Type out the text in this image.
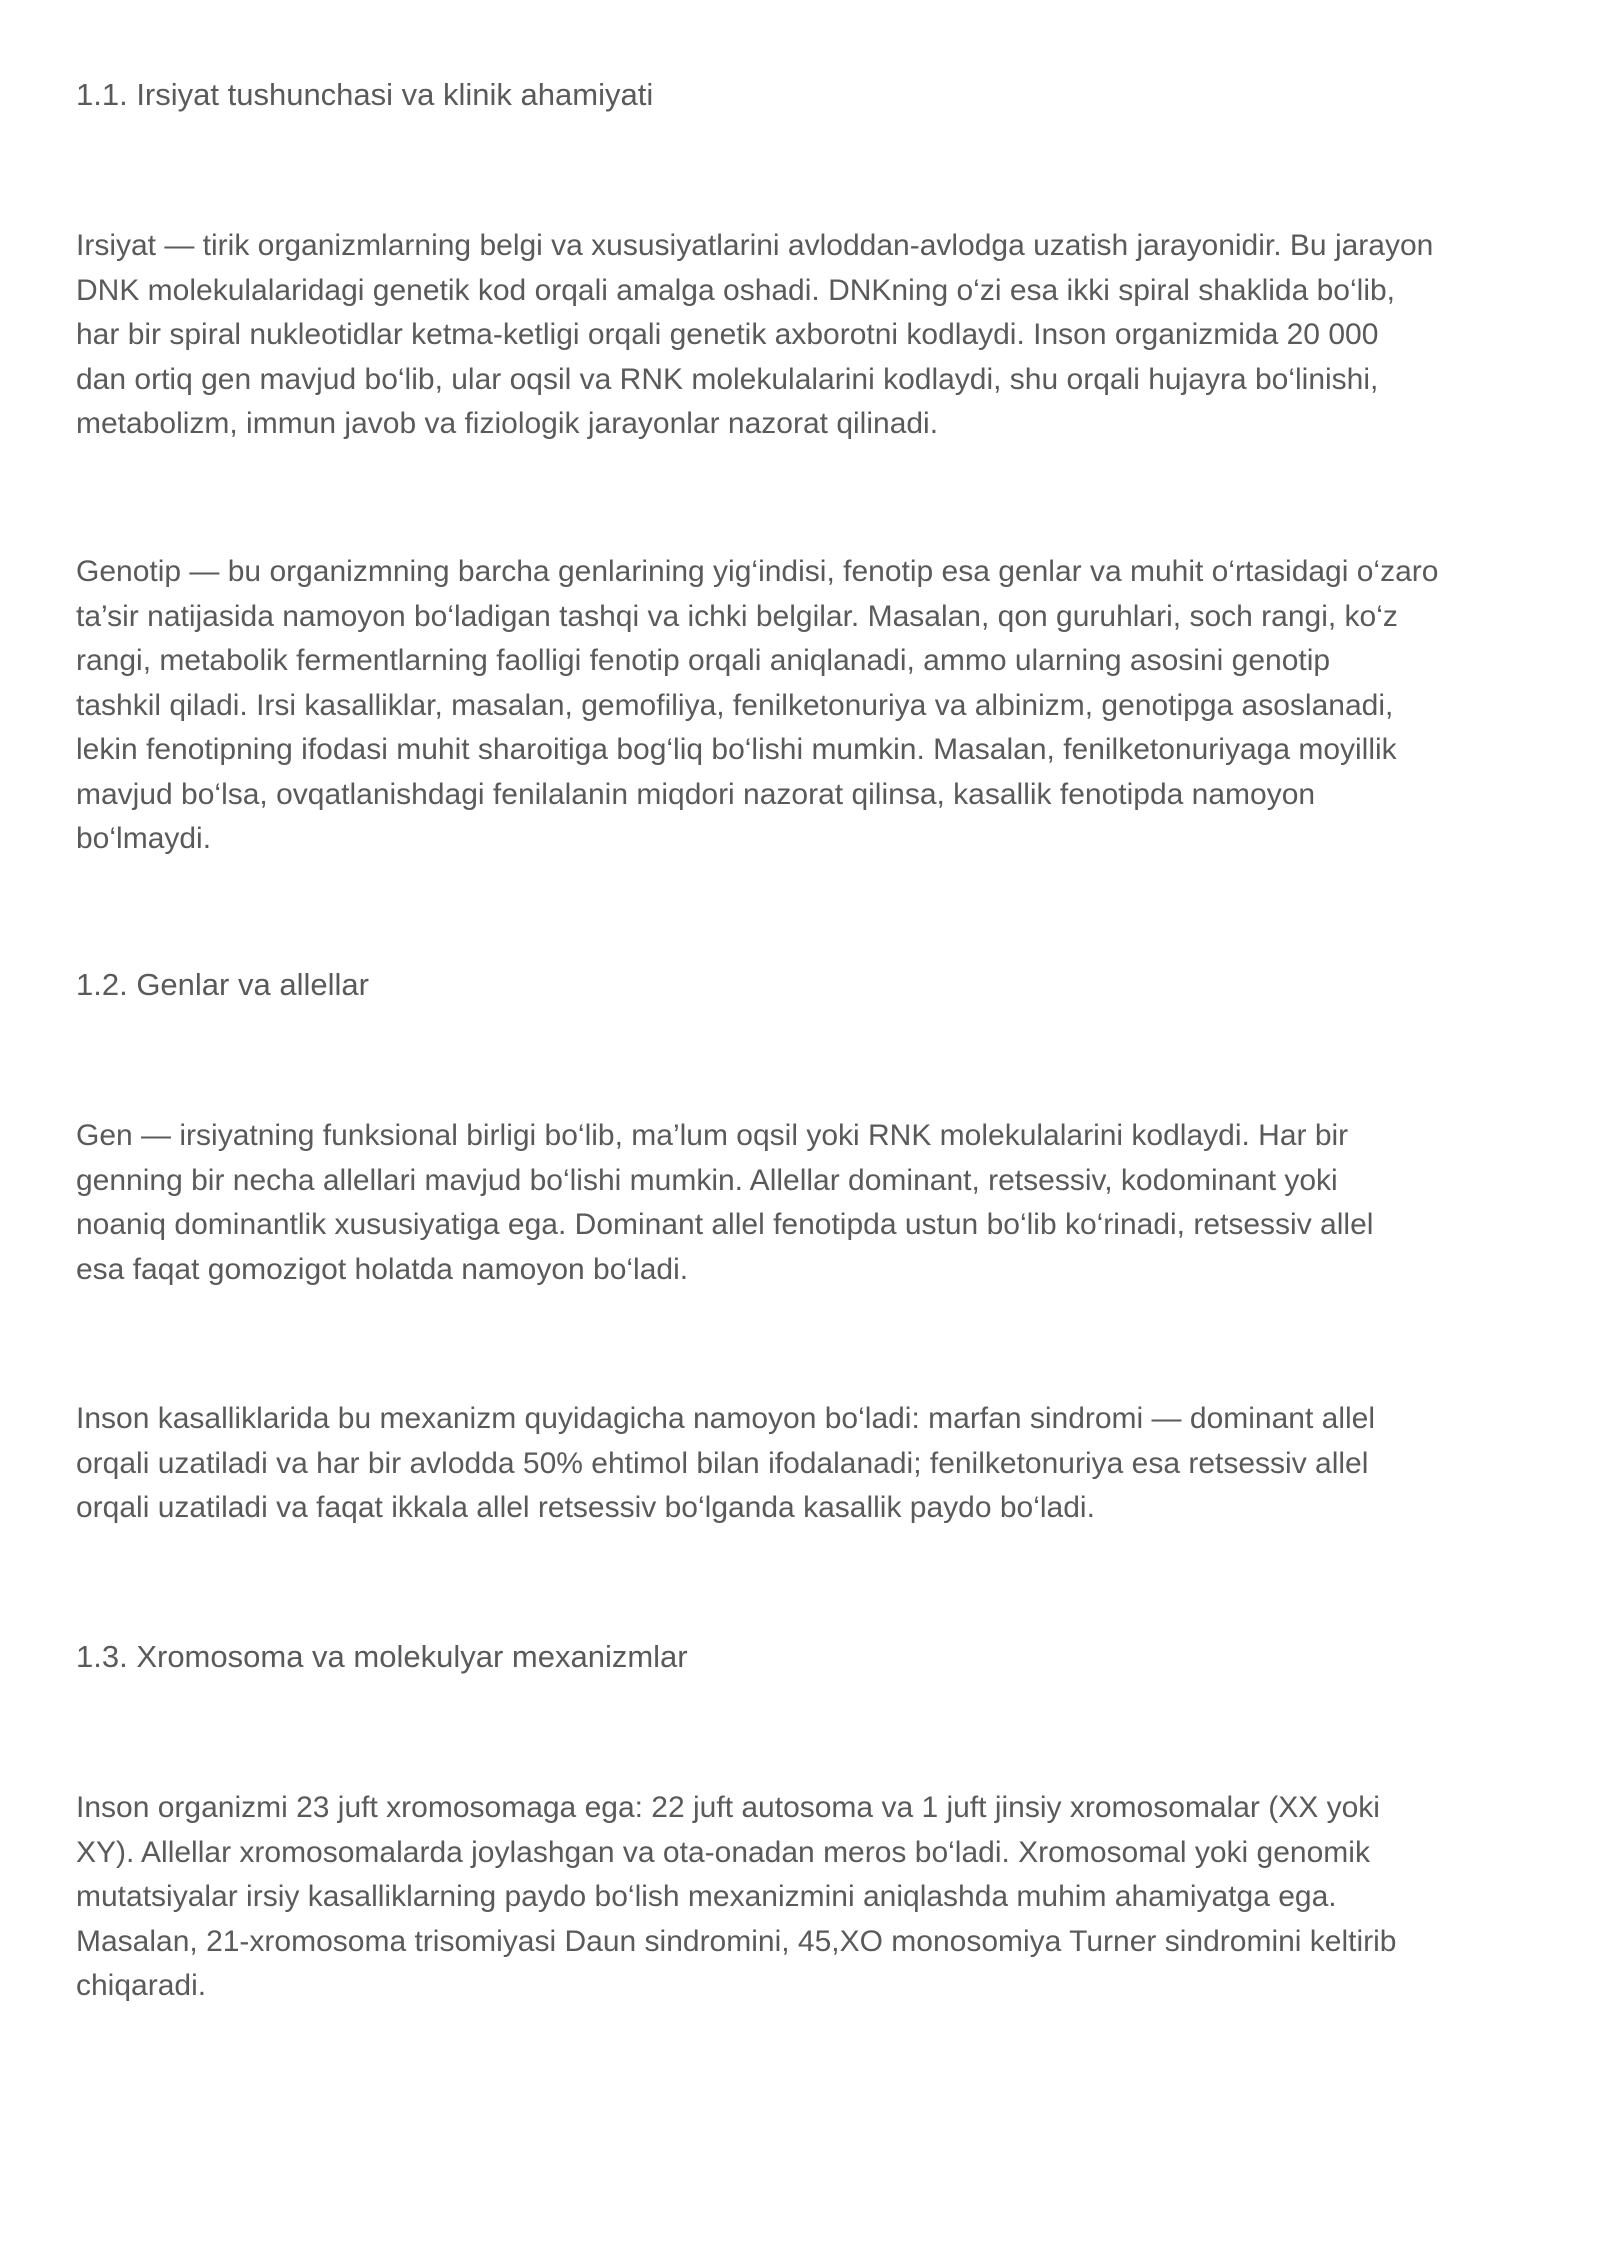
1.1. Irsiyat tushunchasi va klinik ahamiyati

Irsiyat — tirik organizmlarning belgi va xususiyatlarini avloddan-avlodga uzatish jarayonidir. Bu jarayon
DNK molekulalaridagi genetik kod orqali amalga oshadi. DNKning o‘zi esa ikki spiral shaklida bo‘lib,
har bir spiral nukleotidlar ketma-ketligi orqali genetik axborotni kodlaydi. Inson organizmida 20 000
dan ortiq gen mavjud bo‘lib, ular oqsil va RNK molekulalarini kodlaydi, shu orqali hujayra bo‘linishi,
metabolizm, immun javob va fiziologik jarayonlar nazorat qilinadi.

Genotip — bu organizmning barcha genlarining yig‘indisi, fenotip esa genlar va muhit o‘rtasidagi o‘zaro
ta’sir natijasida namoyon bo‘ladigan tashqi va ichki belgilar. Masalan, qon guruhlari, soch rangi, ko‘z
rangi, metabolik fermentlarning faolligi fenotip orqali aniqlanadi, ammo ularning asosini genotip
tashkil qiladi. Irsi kasalliklar, masalan, gemofiliya, fenilketonuriya va albinizm, genotipga asoslanadi,
lekin fenotipning ifodasi muhit sharoitiga bog‘liq bo‘lishi mumkin. Masalan, fenilketonuriyaga moyillik
mavjud bo‘lsa, ovqatlanishdagi fenilalanin miqdori nazorat qilinsa, kasallik fenotipda namoyon
bo‘lmaydi.

1.2. Genlar va allellar

Gen — irsiyatning funksional birligi bo‘lib, ma’lum oqsil yoki RNK molekulalarini kodlaydi. Har bir
genning bir necha allellari mavjud bo‘lishi mumkin. Allellar dominant, retsessiv, kodominant yoki
noaniq dominantlik xususiyatiga ega. Dominant allel fenotipda ustun bo‘lib ko‘rinadi, retsessiv allel
esa faqat gomozigot holatda namoyon bo‘ladi.

Inson kasalliklarida bu mexanizm quyidagicha namoyon bo‘ladi: marfan sindromi — dominant allel
orqali uzatiladi va har bir avlodda 50% ehtimol bilan ifodalanadi; fenilketonuriya esa retsessiv allel
orqali uzatiladi va faqat ikkala allel retsessiv bo‘lganda kasallik paydo bo‘ladi.

1.3. Xromosoma va molekulyar mexanizmlar

Inson organizmi 23 juft xromosomaga ega: 22 juft autosoma va 1 juft jinsiy xromosomalar (XX yoki
XY). Allellar xromosomalarda joylashgan va ota-onadan meros bo‘ladi. Xromosomal yoki genomik
mutatsiyalar irsiy kasalliklarning paydo bo‘lish mexanizmini aniqlashda muhim ahamiyatga ega.
Masalan, 21-xromosoma trisomiyasi Daun sindromini, 45,XO monosomiya Turner sindromini keltirib
chiqaradi.
